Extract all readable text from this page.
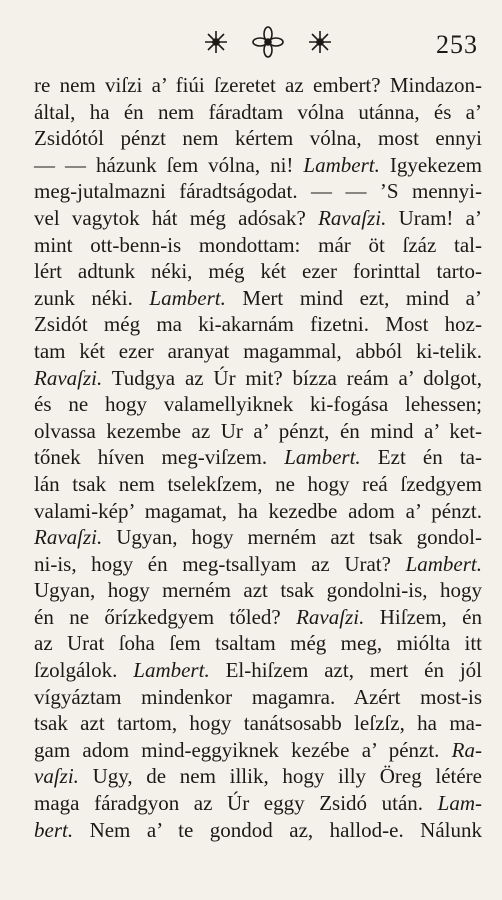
253
re nem viſzi a’ fiúi ſzeretet az embert? Mindazon-
által, ha én nem fáradtam vólna utánna, és a’
Zsidótól pénzt nem kértem vólna, most ennyi
— — házunk ſem vólna, ni! Lambert. Igyekezem
meg-jutalmazni fáradtságodat. — — ’S mennyi-
vel vagytok hát még adósak? Ravaſzi. Uram! a’
mint ott-benn-is mondottam: már öt ſzáz tal-
lért adtunk néki, még két ezer forinttal tarto-
zunk néki. Lambert. Mert mind ezt, mind a’
Zsidót még ma ki-akarnám fizetni. Most hoz-
tam két ezer aranyat magammal, abból ki-telik.
Ravaſzi. Tudgya az Úr mit? bízza reám a’ dolgot,
és ne hogy valamellyiknek ki-fogása lehessen;
olvassa kezembe az Ur a’ pénzt, én mind a’ ket-
tőnek híven meg-viſzem. Lambert. Ezt én ta-
lán tsak nem tselekſzem, ne hogy reá ſzedgyem
valami-kép’ magamat, ha kezedbe adom a’ pénzt.
Ravaſzi. Ugyan, hogy merném azt tsak gondol-
ni-is, hogy én meg-tsallyam az Urat? Lambert.
Ugyan, hogy merném azt tsak gondolni-is, hogy
én ne őrízkedgyem tőled? Ravaſzi. Hiſzem, én
az Urat ſoha ſem tsaltam még meg, miólta itt
ſzolgálok. Lambert. El-hiſzem azt, mert én jól
vígyáztam mindenkor magamra. Azért most-is
tsak azt tartom, hogy tanátsosabb leſzſz, ha ma-
gam adom mind-eggyiknek kezébe a’ pénzt. Ra-
vaſzi. Ugy, de nem illik, hogy illy Öreg létére
maga fáradgyon az Úr eggy Zsidó után. Lam-
bert. Nem a’ te gondod az, hallod-e. Nálunk
